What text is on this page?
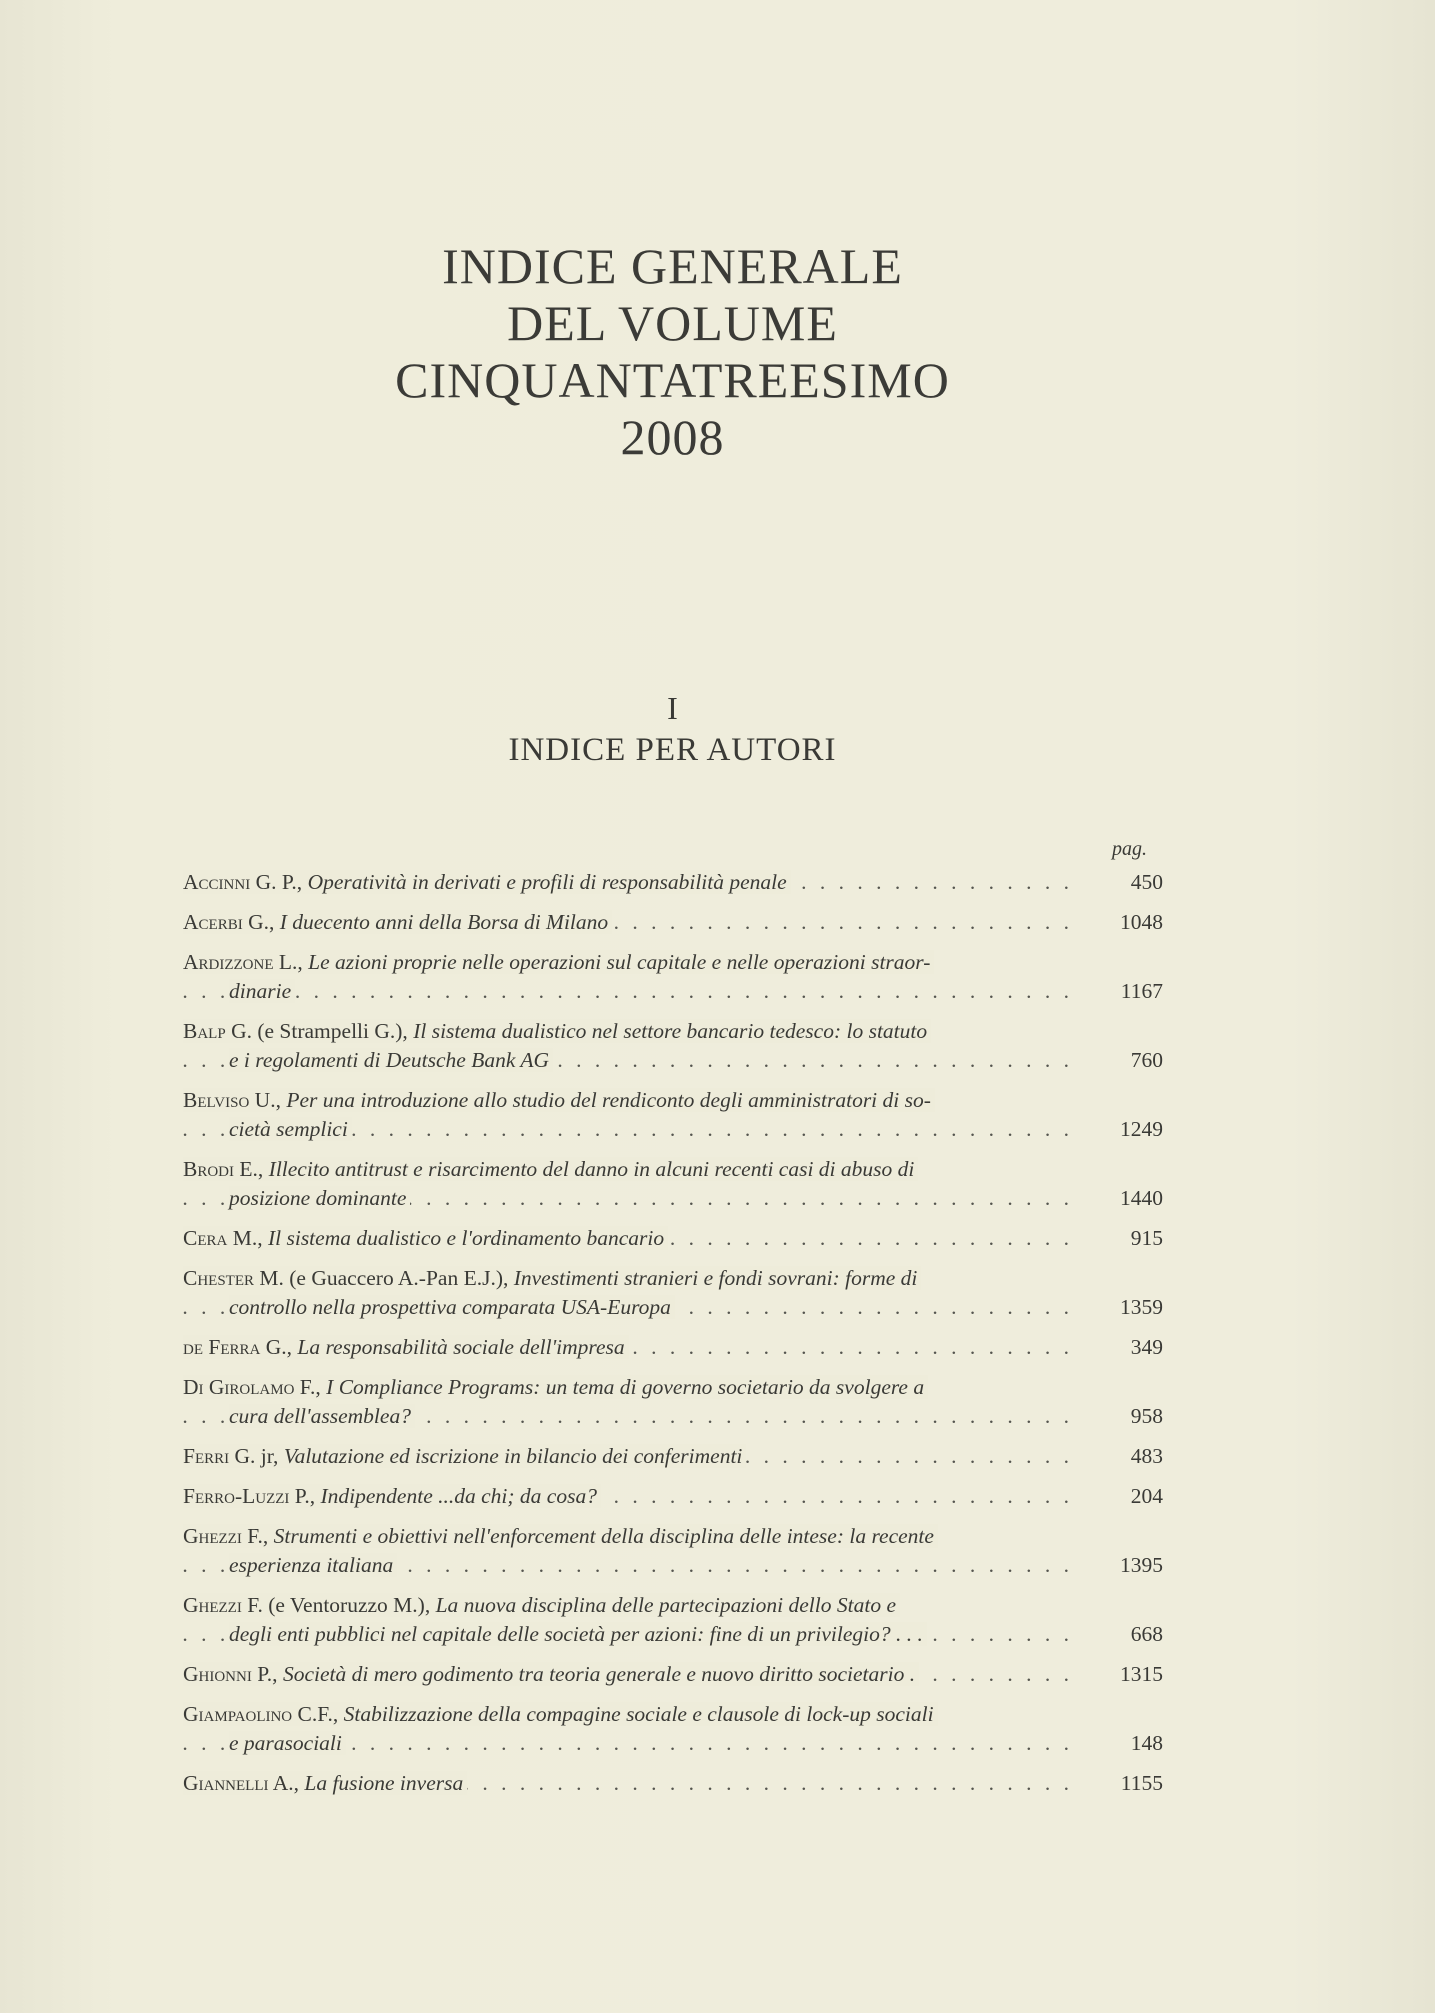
INDICE GENERALE
DEL VOLUME
CINQUANTATREESIMO
2008
I
INDICE PER AUTORI
pag.
. . .
Accinni G. P., Operatività in derivati e profili di responsabilità penale	450
. . .
Acerbi G., I duecento anni della Borsa di Milano	1048
Ardizzone L., Le azioni proprie nelle operazioni sul capitale e nelle operazioni straor-
. . .
dinarie	1167
Balp G. (e Strampelli G.), Il sistema dualistico nel settore bancario tedesco: lo statuto
. . .
e i regolamenti di Deutsche Bank AG	760
Belviso U., Per una introduzione allo studio del rendiconto degli amministratori di so-
. . .
cietà semplici	1249
Brodi E., Illecito antitrust e risarcimento del danno in alcuni recenti casi di abuso di
. . .
posizione dominante	1440
. . .
Cera M., Il sistema dualistico e l'ordinamento bancario	915
Chester M. (e Guaccero A.-Pan E.J.), Investimenti stranieri e fondi sovrani: forme di
. . .
controllo nella prospettiva comparata USA-Europa	1359
. . .
de Ferra G., La responsabilità sociale dell'impresa	349
Di Girolamo F., I Compliance Programs: un tema di governo societario da svolgere a
. . .
cura dell'assemblea?	958
. . .
Ferri G. jr, Valutazione ed iscrizione in bilancio dei conferimenti	483
. . .
Ferro-Luzzi P., Indipendente ...da chi; da cosa?	204
Ghezzi F., Strumenti e obiettivi nell'enforcement della disciplina delle intese: la recente
. . .
esperienza italiana	1395
Ghezzi F. (e Ventoruzzo M.), La nuova disciplina delle partecipazioni dello Stato e
. . .
degli enti pubblici nel capitale delle società per azioni: fine di un privilegio? . . .	668
. . .
Ghionni P., Società di mero godimento tra teoria generale e nuovo diritto societario .	1315
Giampaolino C.F., Stabilizzazione della compagine sociale e clausole di lock-up sociali
. . .
e parasociali	148
. . .
Giannelli A., La fusione inversa	1155
